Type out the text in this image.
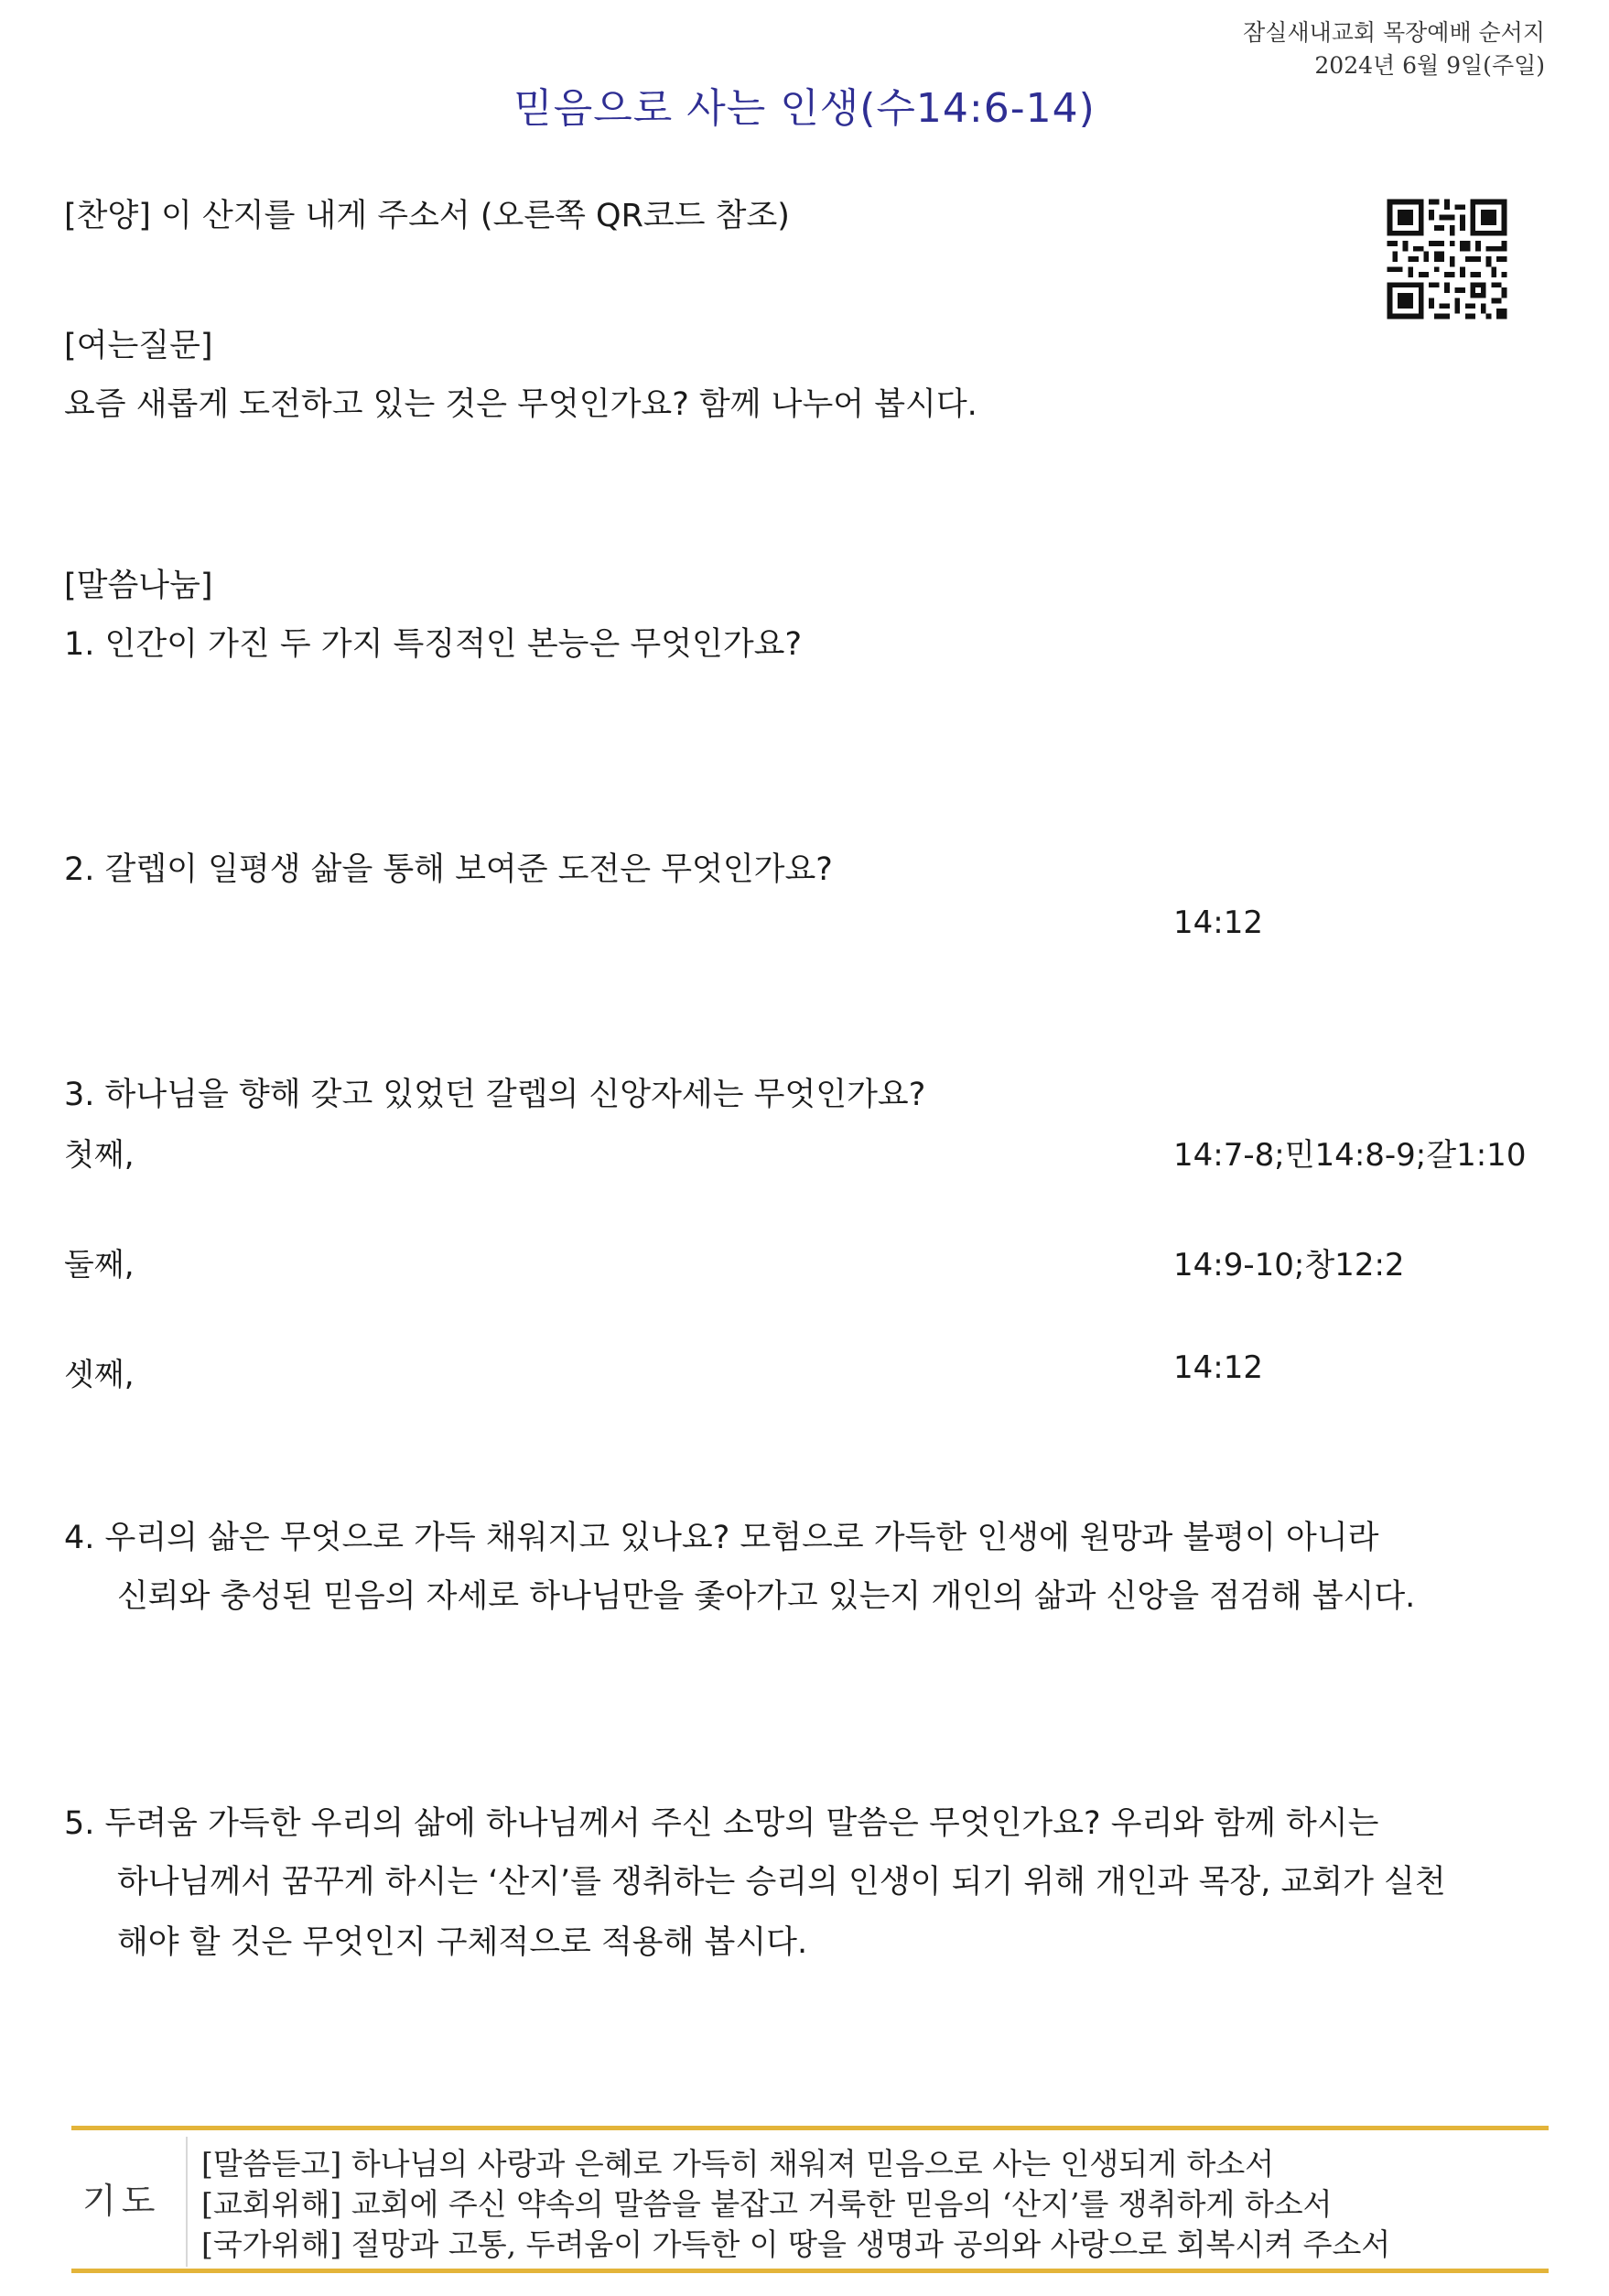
잠실새내교회 목장예배 순서지
2024년 6월 9일(주일)
믿음으로 사는 인생(수14:6-14)
[찬양] 이 산지를 내게 주소서 (오른쪽 QR코드 참조)
[여는질문]
요즘 새롭게 도전하고 있는 것은 무엇인가요? 함께 나누어 봅시다.
[말씀나눔]
1. 인간이 가진 두 가지 특징적인 본능은 무엇인가요?
2. 갈렙이 일평생 삶을 통해 보여준 도전은 무엇인가요?
14:12
3. 하나님을 향해 갖고 있었던 갈렙의 신앙자세는 무엇인가요?
첫째,	14:7-8;민14:8-9;갈1:10
둘째,	14:9-10;창12:2
셋째,	14:12
4. 우리의 삶은 무엇으로 가득 채워지고 있나요? 모험으로 가득한 인생에 원망과 불평이 아니라
신뢰와 충성된 믿음의 자세로 하나님만을 좇아가고 있는지 개인의 삶과 신앙을 점검해 봅시다.
5. 두려움 가득한 우리의 삶에 하나님께서 주신 소망의 말씀은 무엇인가요? 우리와 함께 하시는
하나님께서 꿈꾸게 하시는 ‘산지’를 쟁취하는 승리의 인생이 되기 위해 개인과 목장, 교회가 실천
해야 할 것은 무엇인지 구체적으로 적용해 봅시다.
기도
[말씀듣고] 하나님의 사랑과 은혜로 가득히 채워져 믿음으로 사는 인생되게 하소서
[교회위해] 교회에 주신 약속의 말씀을 붙잡고 거룩한 믿음의 ‘산지’를 쟁취하게 하소서
[국가위해] 절망과 고통, 두려움이 가득한 이 땅을 생명과 공의와 사랑으로 회복시켜 주소서
